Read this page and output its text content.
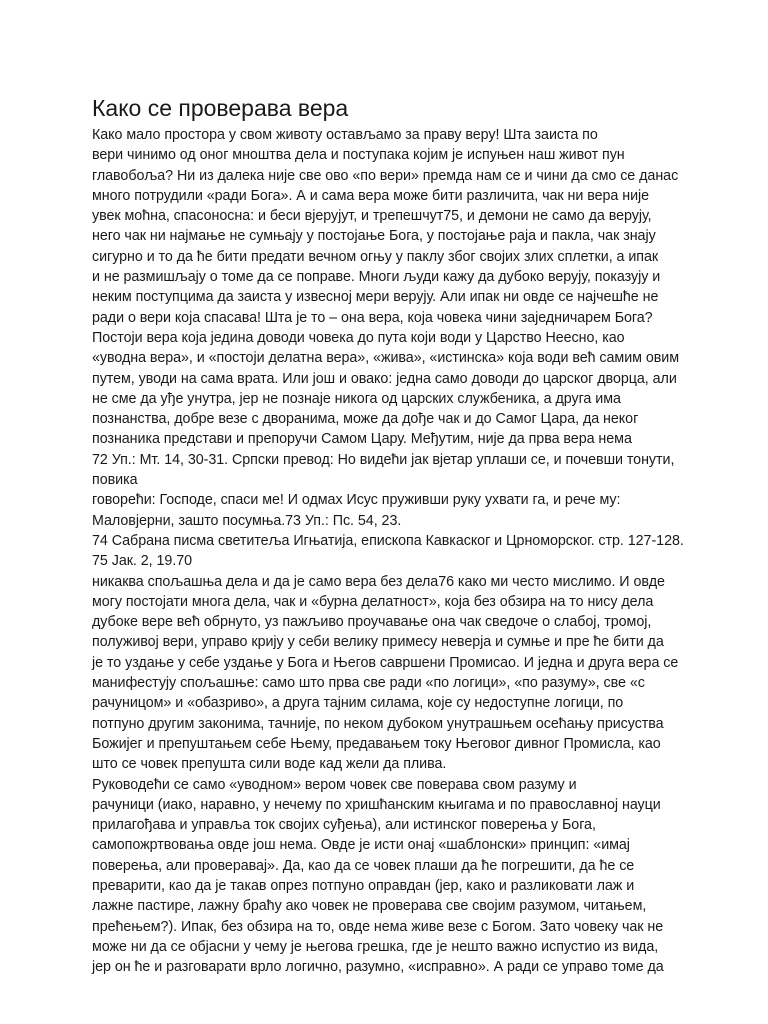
Како се проверава вера
Како мало простора у свом животу остављамо за праву веру! Шта заиста по
вери чинимо од оног мноштва дела и поступака којим је испуњен наш живот пун
главобоља? Ни из далека није све ово «по вери» премда нам се и чини да смо се данас
много потрудили «ради Бога». А и сама вера може бити различита, чак ни вера није
увек моћна, спасоносна: и беси вјерујут, и трепешчут75, и демони не само да верују,
него чак ни најмање не сумњају у постојање Бога, у постојање раја и пакла, чак знају
сигурно и то да ће бити предати вечном огњу у паклу због својих злих сплетки, а ипак
и не размишљају о томе да се поправе. Многи људи кажу да дубоко верују, показују и
неким поступцима да заиста у извесној мери верују. Али ипак ни овде се најчешће не
ради о вери која спасава! Шта је то – она вера, која човека чини заједничарем Бога?
Постоји вера која једина доводи човека до пута који води у Царство Неесно, као
«уводна вера», и «постоји делатна вера», «жива», «истинска» која води већ самим овим
путем, уводи на сама врата. Или још и овако: једна само доводи до царског дворца, али
не сме да уђе унутра, јер не познаје никога од царских службеника, а друга има
познанства, добре везе с дворанима, може да дође чак и до Самог Цара, да неког
познаника представи и препоручи Самом Цару. Међутим, није да прва вера нема
72 Уп.: Мт. 14, 30-31. Српски превод: Но видећи јак вјетар уплаши се, и почевши тонути,
повика
говорећи: Господе, спаси ме! И одмах Исус пруживши руку ухвати га, и рече му:
Маловјерни, зашто посумња.73 Уп.: Пс. 54, 23.
74 Сабрана писма светитеља Игњатија, епископа Кавкаског и Црноморског. стр. 127-128.
75 Јак. 2, 19.70
никаква спољашња дела и да је само вера без дела76 како ми често мислимо. И овде
могу постојати многа дела, чак и «бурна делатност», која без обзира на то нису дела
дубоке вере већ обрнуто, уз пажљиво проучавање она чак сведоче о слабој, тромој,
полуживој вери, управо крију у себи велику примесу неверја и сумње и пре ће бити да
је то уздање у себе уздање у Бога и Његов савршени Промисао. И једна и друга вера се
манифестују спољашње: само што прва све ради «по логици», «по разуму», све «с
рачуницом» и «обазриво», а друга тајним силама, које су недоступне логици, по
потпуно другим законима, тачније, по неком дубоком унутрашњем осећању присуства
Божијег и препуштањем себе Њему, предавањем току Његовог дивног Промисла, као
што се човек препушта сили воде кад жели да плива.
Руководећи се само «уводном» вером човек све поверава свом разуму и
рачуници (иако, наравно, у нечему по хришћанским књигама и по православној науци
прилагођава и управља ток својих суђења), али истинског поверења у Бога,
самопожртвовања овде још нема. Овде је исти онај «шаблонски» принцип: «имај
поверења, али проверавај». Да, као да се човек плаши да ће погрешити, да ће се
преварити, као да је такав опрез потпуно оправдан (јер, како и разликовати лаж и
лажне пастире, лажну браћу ако човек не проверава све својим разумом, читањем,
прећењем?). Ипак, без обзира на то, овде нема живе везе с Богом. Зато човеку чак не
може ни да се објасни у чему је његова грешка, где је нешто важно испустио из вида,
јер он ће и разговарати врло логично, разумно, «исправно». А ради се управо томе да
